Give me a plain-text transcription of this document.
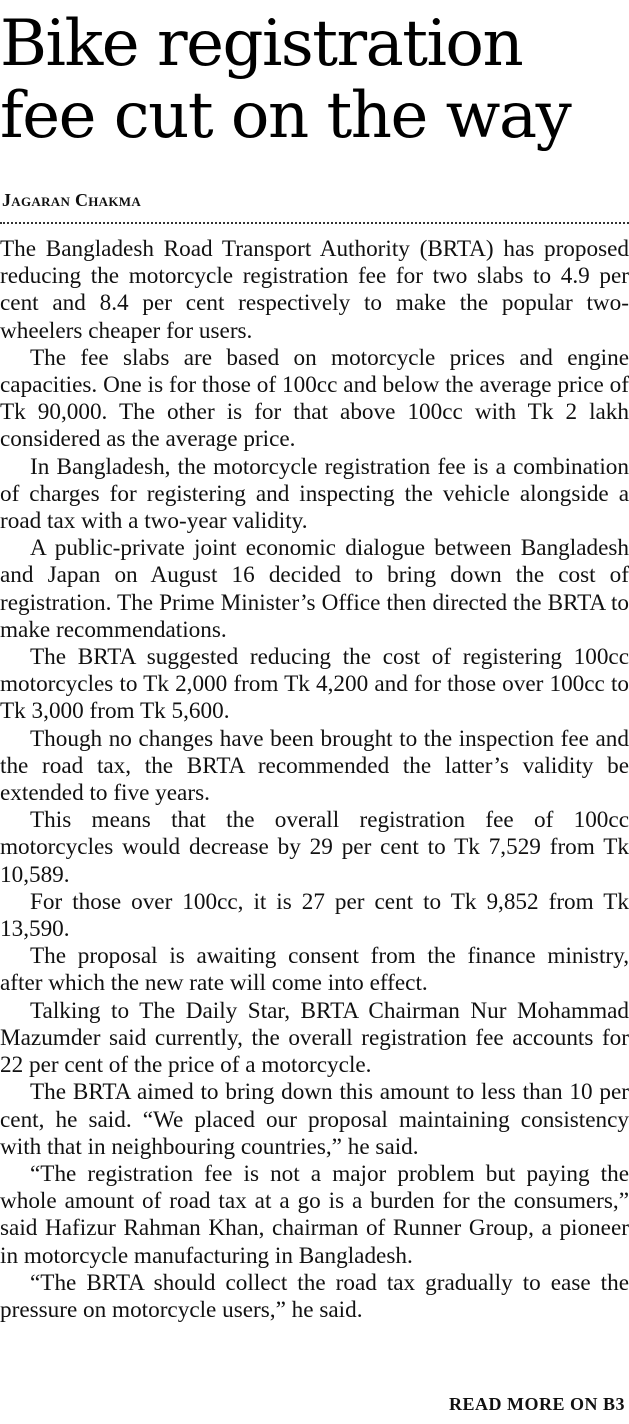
Bike registration
fee cut on the way
Jagaran Chakma

The Bangladesh Road Transport Authority (BRTA) has proposed reducing the motorcycle registration fee for two slabs to 4.9 per cent and 8.4 per cent respectively to make the popular two-wheelers cheaper for users.

The fee slabs are based on motorcycle prices and engine capacities. One is for those of 100cc and below the average price of Tk 90,000. The other is for that above 100cc with Tk 2 lakh considered as the average price.

In Bangladesh, the motorcycle registration fee is a combination of charges for registering and inspecting the vehicle alongside a road tax with a two-year validity.

A public-private joint economic dialogue between Bangladesh and Japan on August 16 decided to bring down the cost of registration. The Prime Minister’s Office then directed the BRTA to make recommendations.

The BRTA suggested reducing the cost of registering 100cc motorcycles to Tk 2,000 from Tk 4,200 and for those over 100cc to Tk 3,000 from Tk 5,600.

Though no changes have been brought to the inspection fee and the road tax, the BRTA recommended the latter’s validity be extended to five years.

This means that the overall registration fee of 100cc motorcycles would decrease by 29 per cent to Tk 7,529 from Tk 10,589.

For those over 100cc, it is 27 per cent to Tk 9,852 from Tk 13,590.

The proposal is awaiting consent from the finance ministry, after which the new rate will come into effect.

Talking to The Daily Star, BRTA Chairman Nur Mohammad Mazumder said currently, the overall registration fee accounts for 22 per cent of the price of a motorcycle.

The BRTA aimed to bring down this amount to less than 10 per cent, he said. “We placed our proposal maintaining consistency with that in neighbouring countries,” he said.

“The registration fee is not a major problem but paying the whole amount of road tax at a go is a burden for the consumers,” said Hafizur Rahman Khan, chairman of Runner Group, a pioneer in motorcycle manufacturing in Bangladesh.

“The BRTA should collect the road tax gradually to ease the pressure on motorcycle users,” he said.

READ MORE ON B3
